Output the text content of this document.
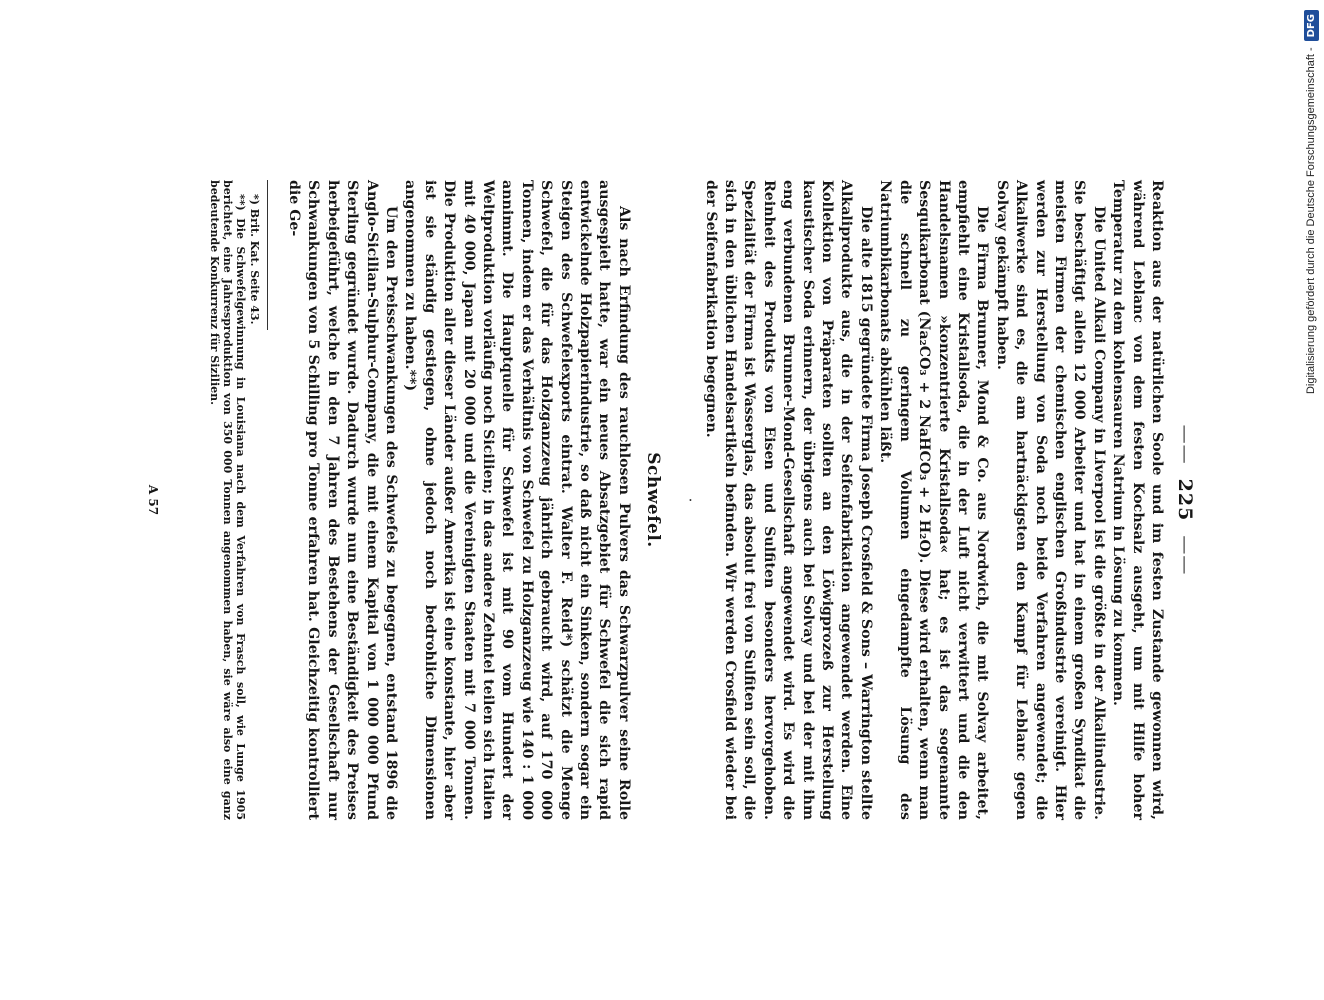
——225——

Reaktion aus der natürlichen Soole und im festen Zustande gewonnen wird, während Leblanc von dem festen Kochsalz ausgeht, um mit Hilfe hoher Temperatur zu dem kohlensauren Natrium in Lösung zu kommen.

Die United Alkali Company in Liverpool ist die größte in der Alkaliindustrie. Sie beschäftigt allein 12 000 Arbeiter und hat in einem großen Syndikat die meisten Firmen der chemischen englischen Großindustrie vereinigt. Hier werden zur Herstellung von Soda noch beide Verfahren angewendet; die Alkaliwerke sind es, die am hartnäckigsten den Kampf für Leblanc gegen Solvay gekämpft haben.

Die Firma Brunner, Mond & Co. aus Nordwich, die mit Solvay arbeitet, empfiehlt eine Kristallsoda, die in der Luft nicht verwittert und die den Handelsnamen »konzentrierte Kristallsoda« hat; es ist das sogenannte Sesquikarbonat (Na₂CO₃ + 2 NaHCO₃ + 2 H₂O). Diese wird erhalten, wenn man die schnell zu geringem Volumen eingedampfte Lösung des Natriumbikarbonats abkühlen läßt.

Die alte 1815 gegründete Firma Joseph Crosfield & Sons – Warrington stellte Alkaliprodukte aus, die in der Seifenfabrikation angewendet werden. Eine Kollektion von Präparaten sollten an den Löwigprozeß zur Herstellung kaustischer Soda erinnern, der übrigens auch bei Solvay und bei der mit ihm eng verbundenen Brunner-Mond-Gesellschaft angewendet wird. Es wird die Reinheit des Produkts von Eisen und Sulfiten besonders hervorgehoben. Spezialität der Firma ist Wasserglas, das absolut frei von Sulfiten sein soll, die sich in den üblichen Handelsartikeln befinden. Wir werden Crosfield wieder bei der Seifenfabrikation begegnen.

·
Schwefel.

Als nach Erfindung des rauchlosen Pulvers das Schwarzpulver seine Rolle ausgespielt hatte, war ein neues Absatzgebiet für Schwefel die sich rapid entwickelnde Holzpapierindustrie, so daß nicht ein Sinken, sondern sogar ein Steigen des Schwefelexports eintrat. Walter F. Reid*) schätzt die Menge Schwefel, die für das Holzganzzeug jährlich gebraucht wird, auf 170 000 Tonnen, indem er das Verhältnis von Schwefel zu Holzganzzeug wie 140 : 1 000 annimmt. Die Hauptquelle für Schwefel ist mit 90 vom Hundert der Weltproduktion vorläufig noch Sicilien; in das andere Zehntel teilen sich Italien mit 40 000, Japan mit 20 000 und die Vereinigten Staaten mit 7 000 Tonnen. Die Produktion aller dieser Länder außer Amerika ist eine konstante, hier aber ist sie ständig gestiegen, ohne jedoch noch bedrohliche Dimensionen angenommen zu haben.**)

Um den Preisschwankungen des Schwefels zu begegnen, entstand 1896 die Anglo-Sicilian-Sulphur-Company, die mit einem Kapital von 1 000 000 Pfund Sterling gegründet wurde. Dadurch wurde nun eine Beständigkeit des Preises herbeigeführt, welche in den 7 Jahren des Bestehens der Gesellschaft nur Schwankungen von 5 Schilling pro Tonne erfahren hat. Gleichzeitig kontrolliert die Ge-

*) Brit. Kat. Seite 43.

**) Die Schwefelgewinnung in Louisiana nach dem Verfahren von Frasch soll, wie Lunge 1905 berichtet, eine Jahresproduktion von 350 000 Tonnen angenommen haben, sie wäre also eine ganz bedeutende Konkurrenz für Sizilien.

A 57
Digitalisierung gefördert durch die Deutsche Forschungsgemeinschaft -
DFG
